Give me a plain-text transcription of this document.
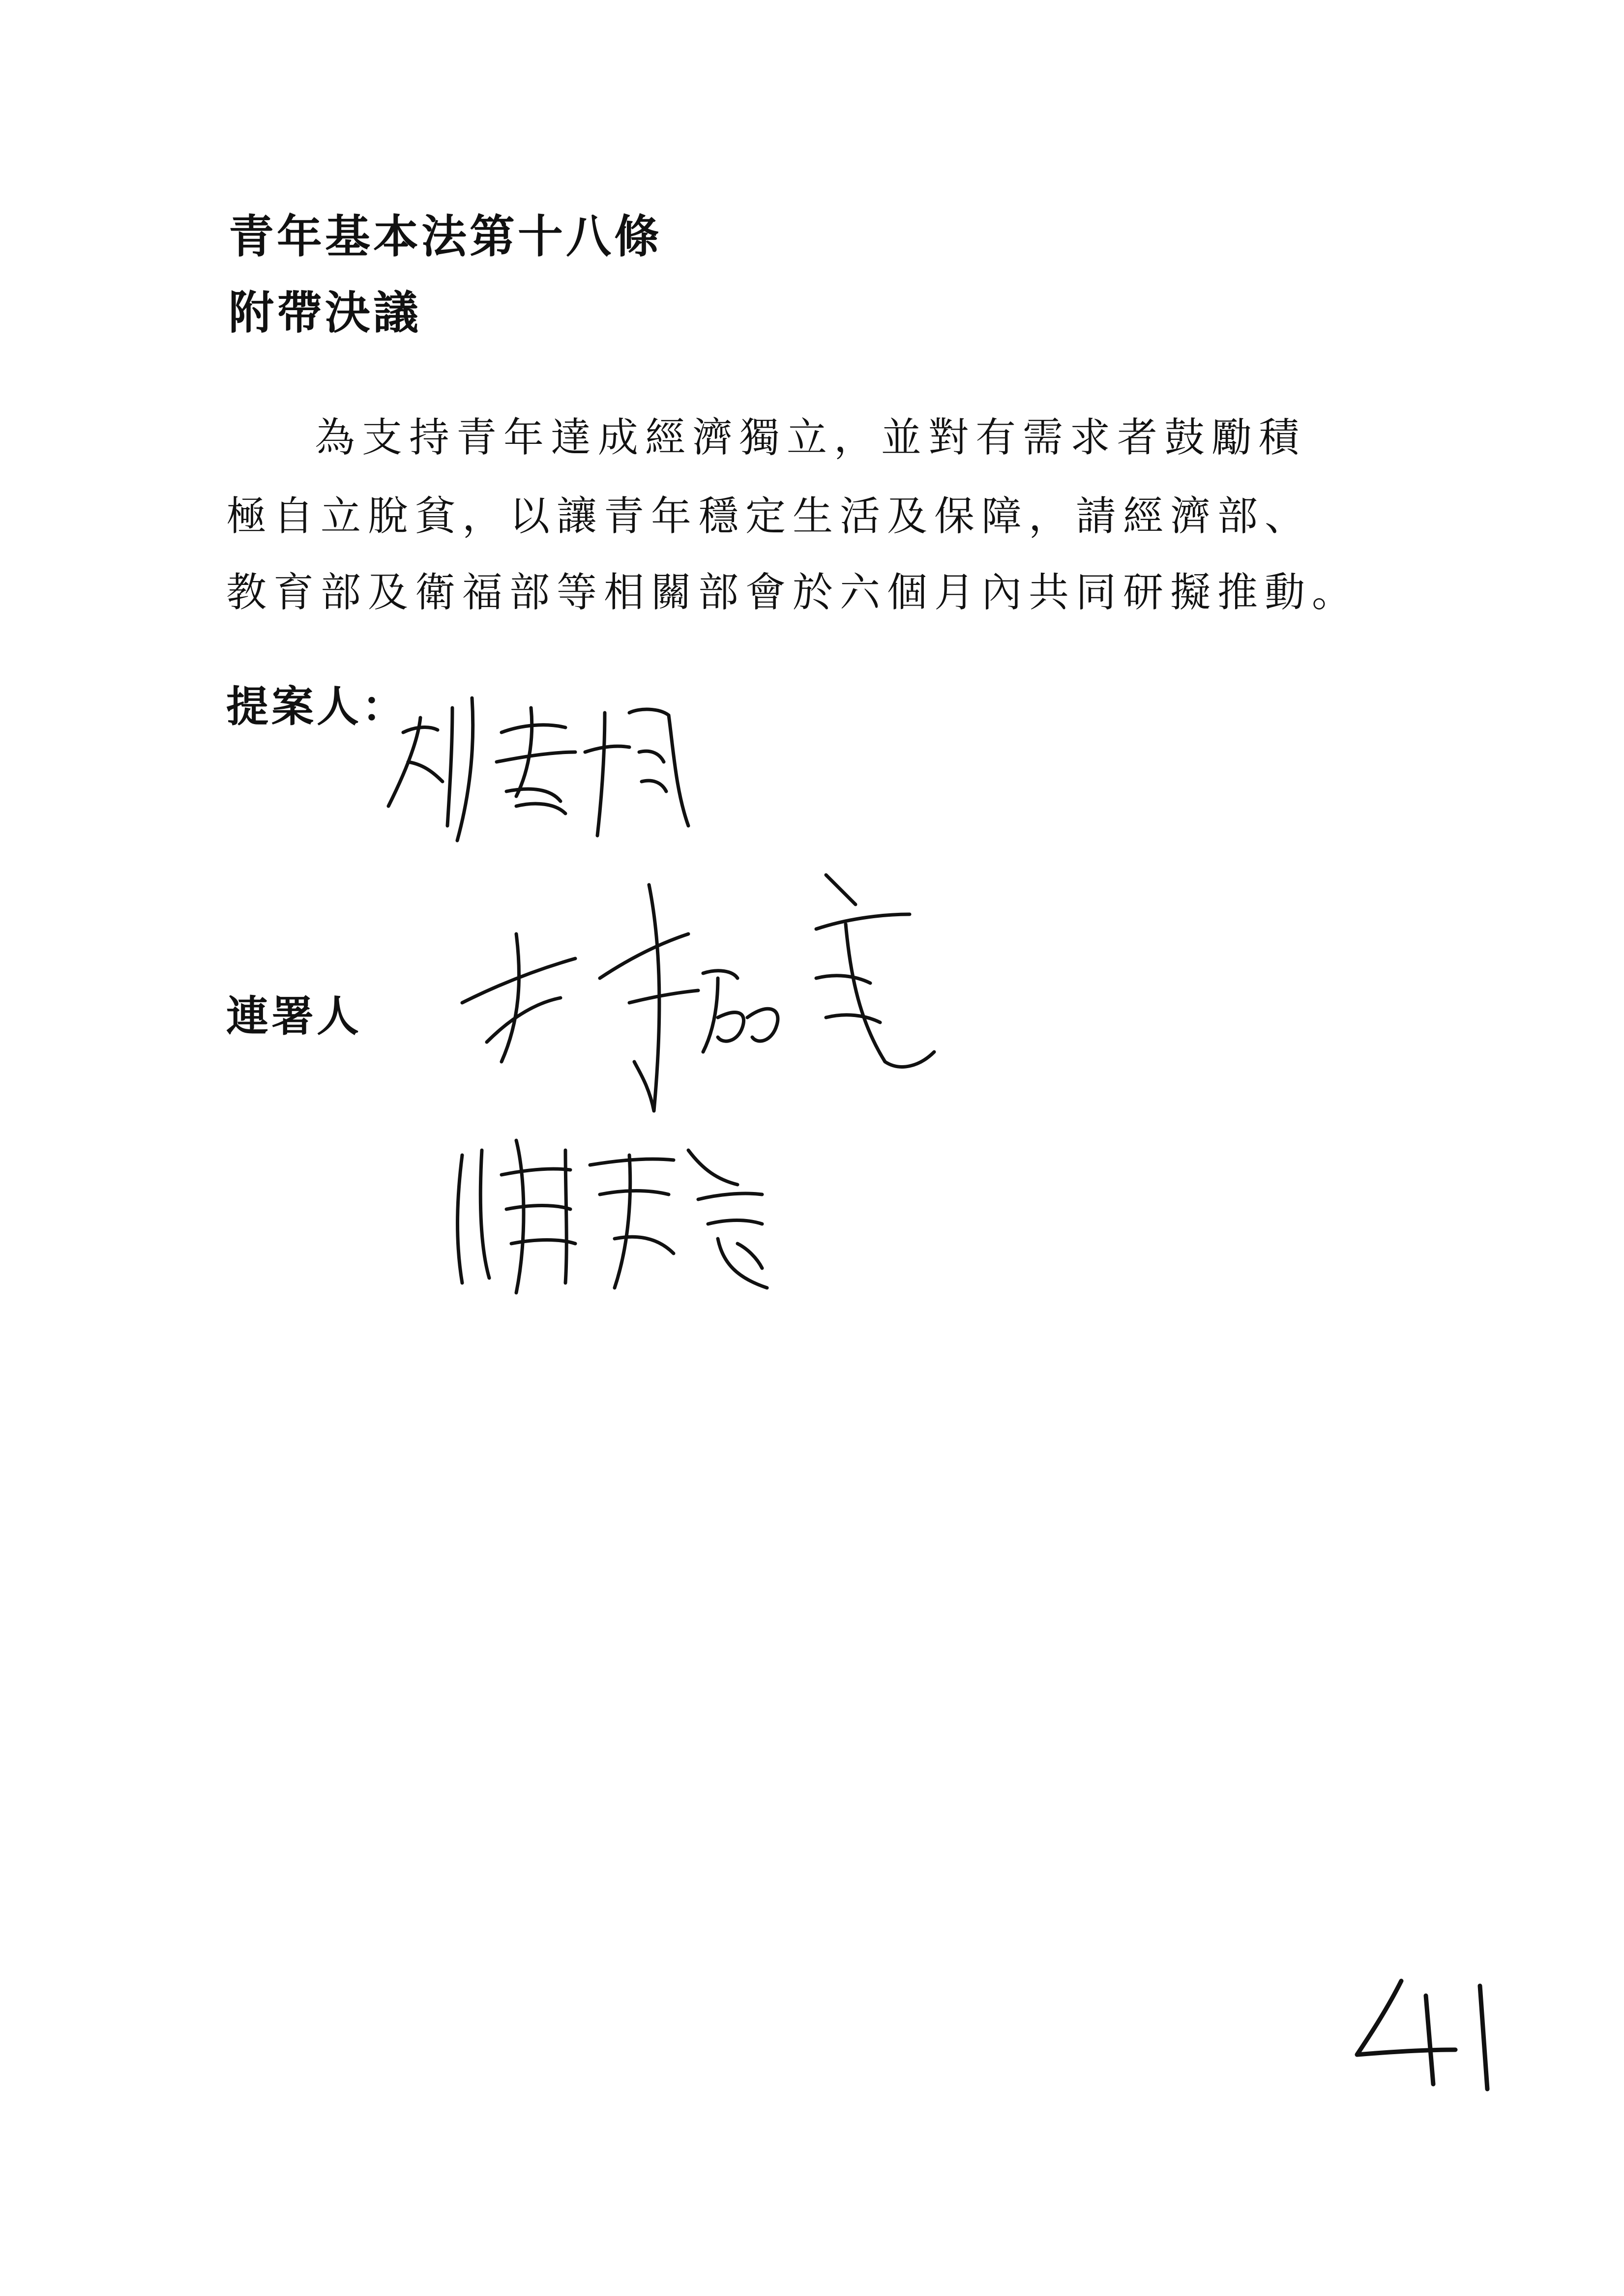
青年基本法第十八條
附帶決議
為支持青年達成經濟獨立，並對有需求者鼓勵積
極自立脫貧，以讓青年穩定生活及保障，請經濟部、
教育部及衛福部等相關部會於六個月內共同研擬推動。
提案人：
連署人
